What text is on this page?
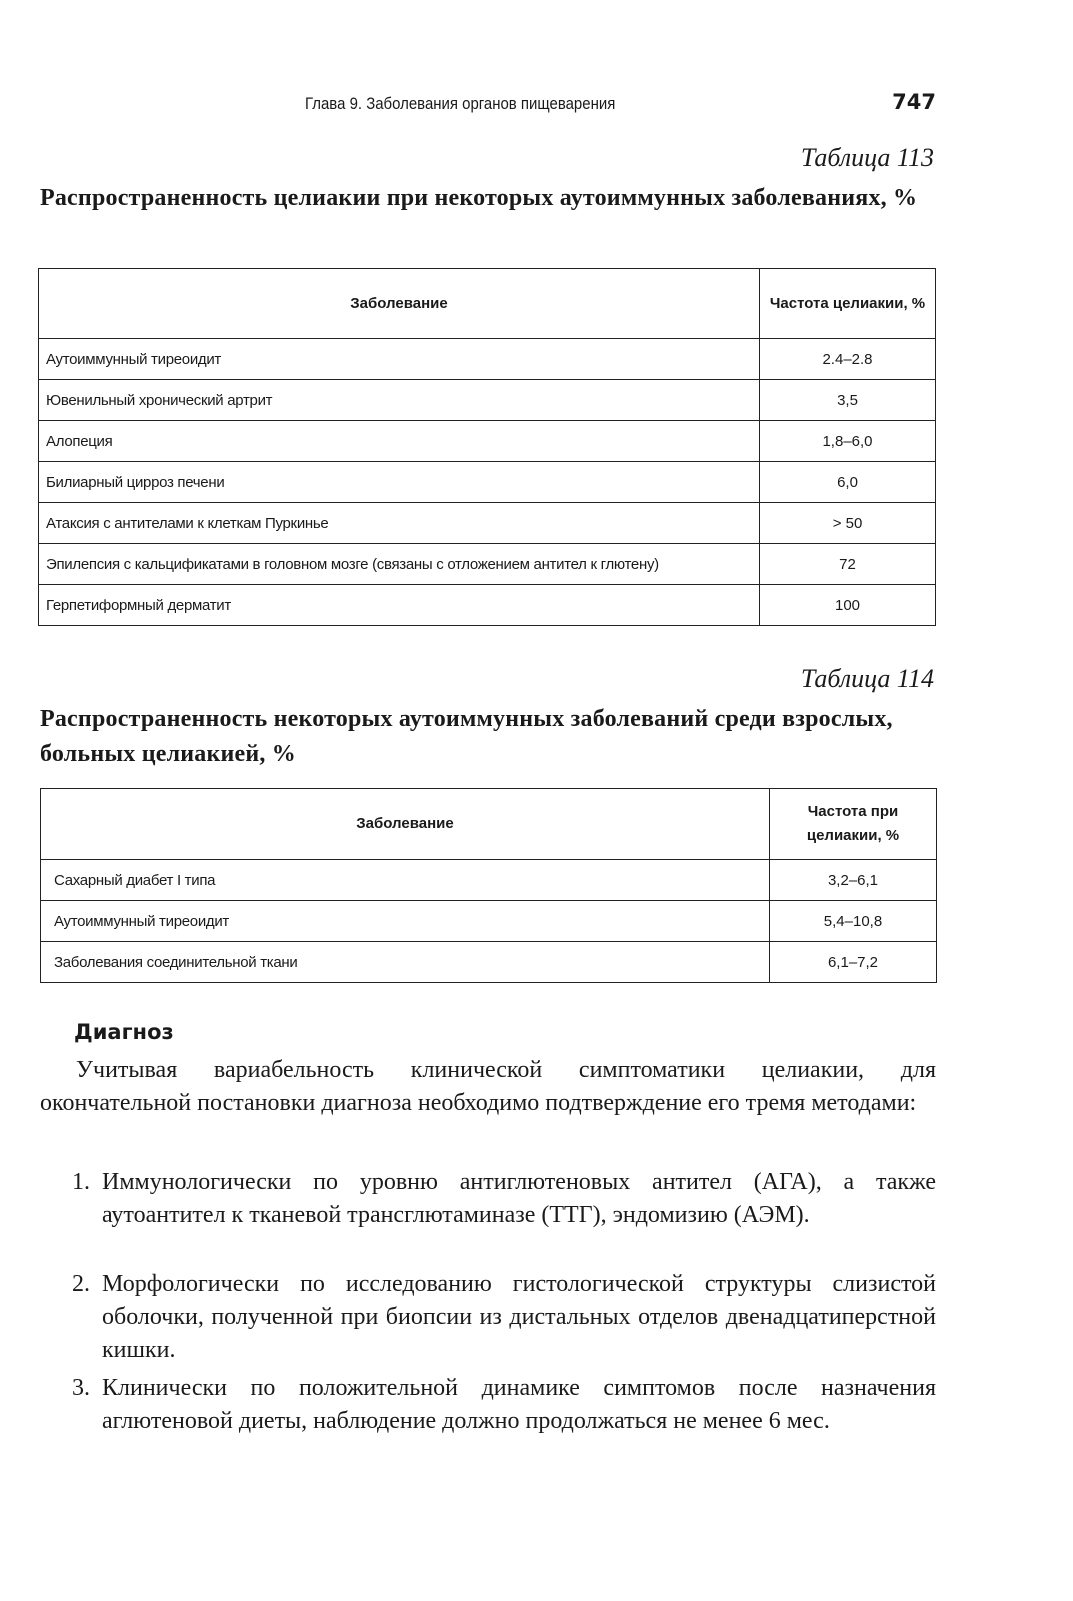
Глава 9. Заболевания органов пищеварения	747
Таблица 113
Распространенность целиакии при некоторых аутоиммунных заболеваниях, %
Заболевание	Частота целиакии, %
Аутоиммунный тиреоидит	2.4–2.8
Ювенильный хронический артрит	3,5
Алопеция	1,8–6,0
Билиарный цирроз печени	6,0
Атаксия с антителами к клеткам Пуркинье	> 50
Эпилепсия с кальцификатами в головном мозге (связаны с отложением антител к глютену)	72
Герпетиформный дерматит	100
Таблица 114
Распространенность некоторых аутоиммунных заболеваний среди взрослых, больных целиакией, %
Заболевание	Частота при целиакии, %
Сахарный диабет I типа	3,2–6,1
Аутоиммунный тиреоидит	5,4–10,8
Заболевания соединительной ткани	6,1–7,2
Диагноз

Учитывая вариабельность клинической симптоматики целиакии, для окончательной постановки диагноза необходимо подтверждение его тремя методами:

1. Иммунологически по уровню антиглютеновых антител (АГА), а также аутоантител к тканевой трансглютаминазе (ТТГ), эндомизию (АЭМ).
2. Морфологически по исследованию гистологической структуры слизистой оболочки, полученной при биопсии из дистальных отделов двенадцатиперстной кишки.
3. Клинически по положительной динамике симптомов после назначения аглютеновой диеты, наблюдение должно продолжаться не менее 6 мес.
